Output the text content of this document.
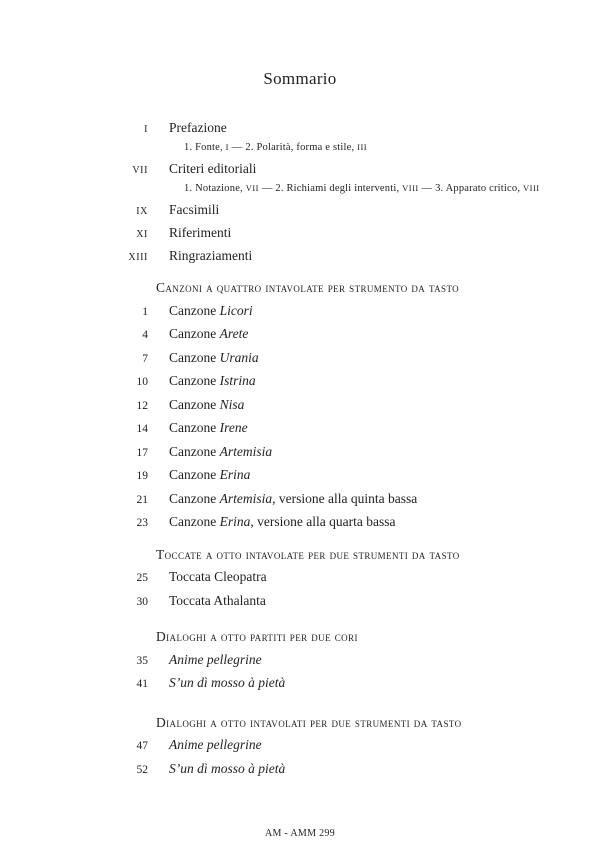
Sommario
I Prefazione
1. Fonte, I — 2. Polarità, forma e stile, III
VII Criteri editoriali
1. Notazione, VII — 2. Richiami degli interventi, VIII — 3. Apparato critico, VIII
IX Facsimili
XI Riferimenti
XIII Ringraziamenti
Canzoni a quattro intavolate per strumento da tasto
1 Canzone Licori
4 Canzone Arete
7 Canzone Urania
10 Canzone Istrina
12 Canzone Nisa
14 Canzone Irene
17 Canzone Artemisia
19 Canzone Erina
21 Canzone Artemisia, versione alla quinta bassa
23 Canzone Erina, versione alla quarta bassa
Toccate a otto intavolate per due strumenti da tasto
25 Toccata Cleopatra
30 Toccata Athalanta
Dialoghi a otto partiti per due cori
35 Anime pellegrine
41 S’un dì mosso à pietà
Dialoghi a otto intavolati per due strumenti da tasto
47 Anime pellegrine
52 S’un dì mosso à pietà
AM - AMM 299
